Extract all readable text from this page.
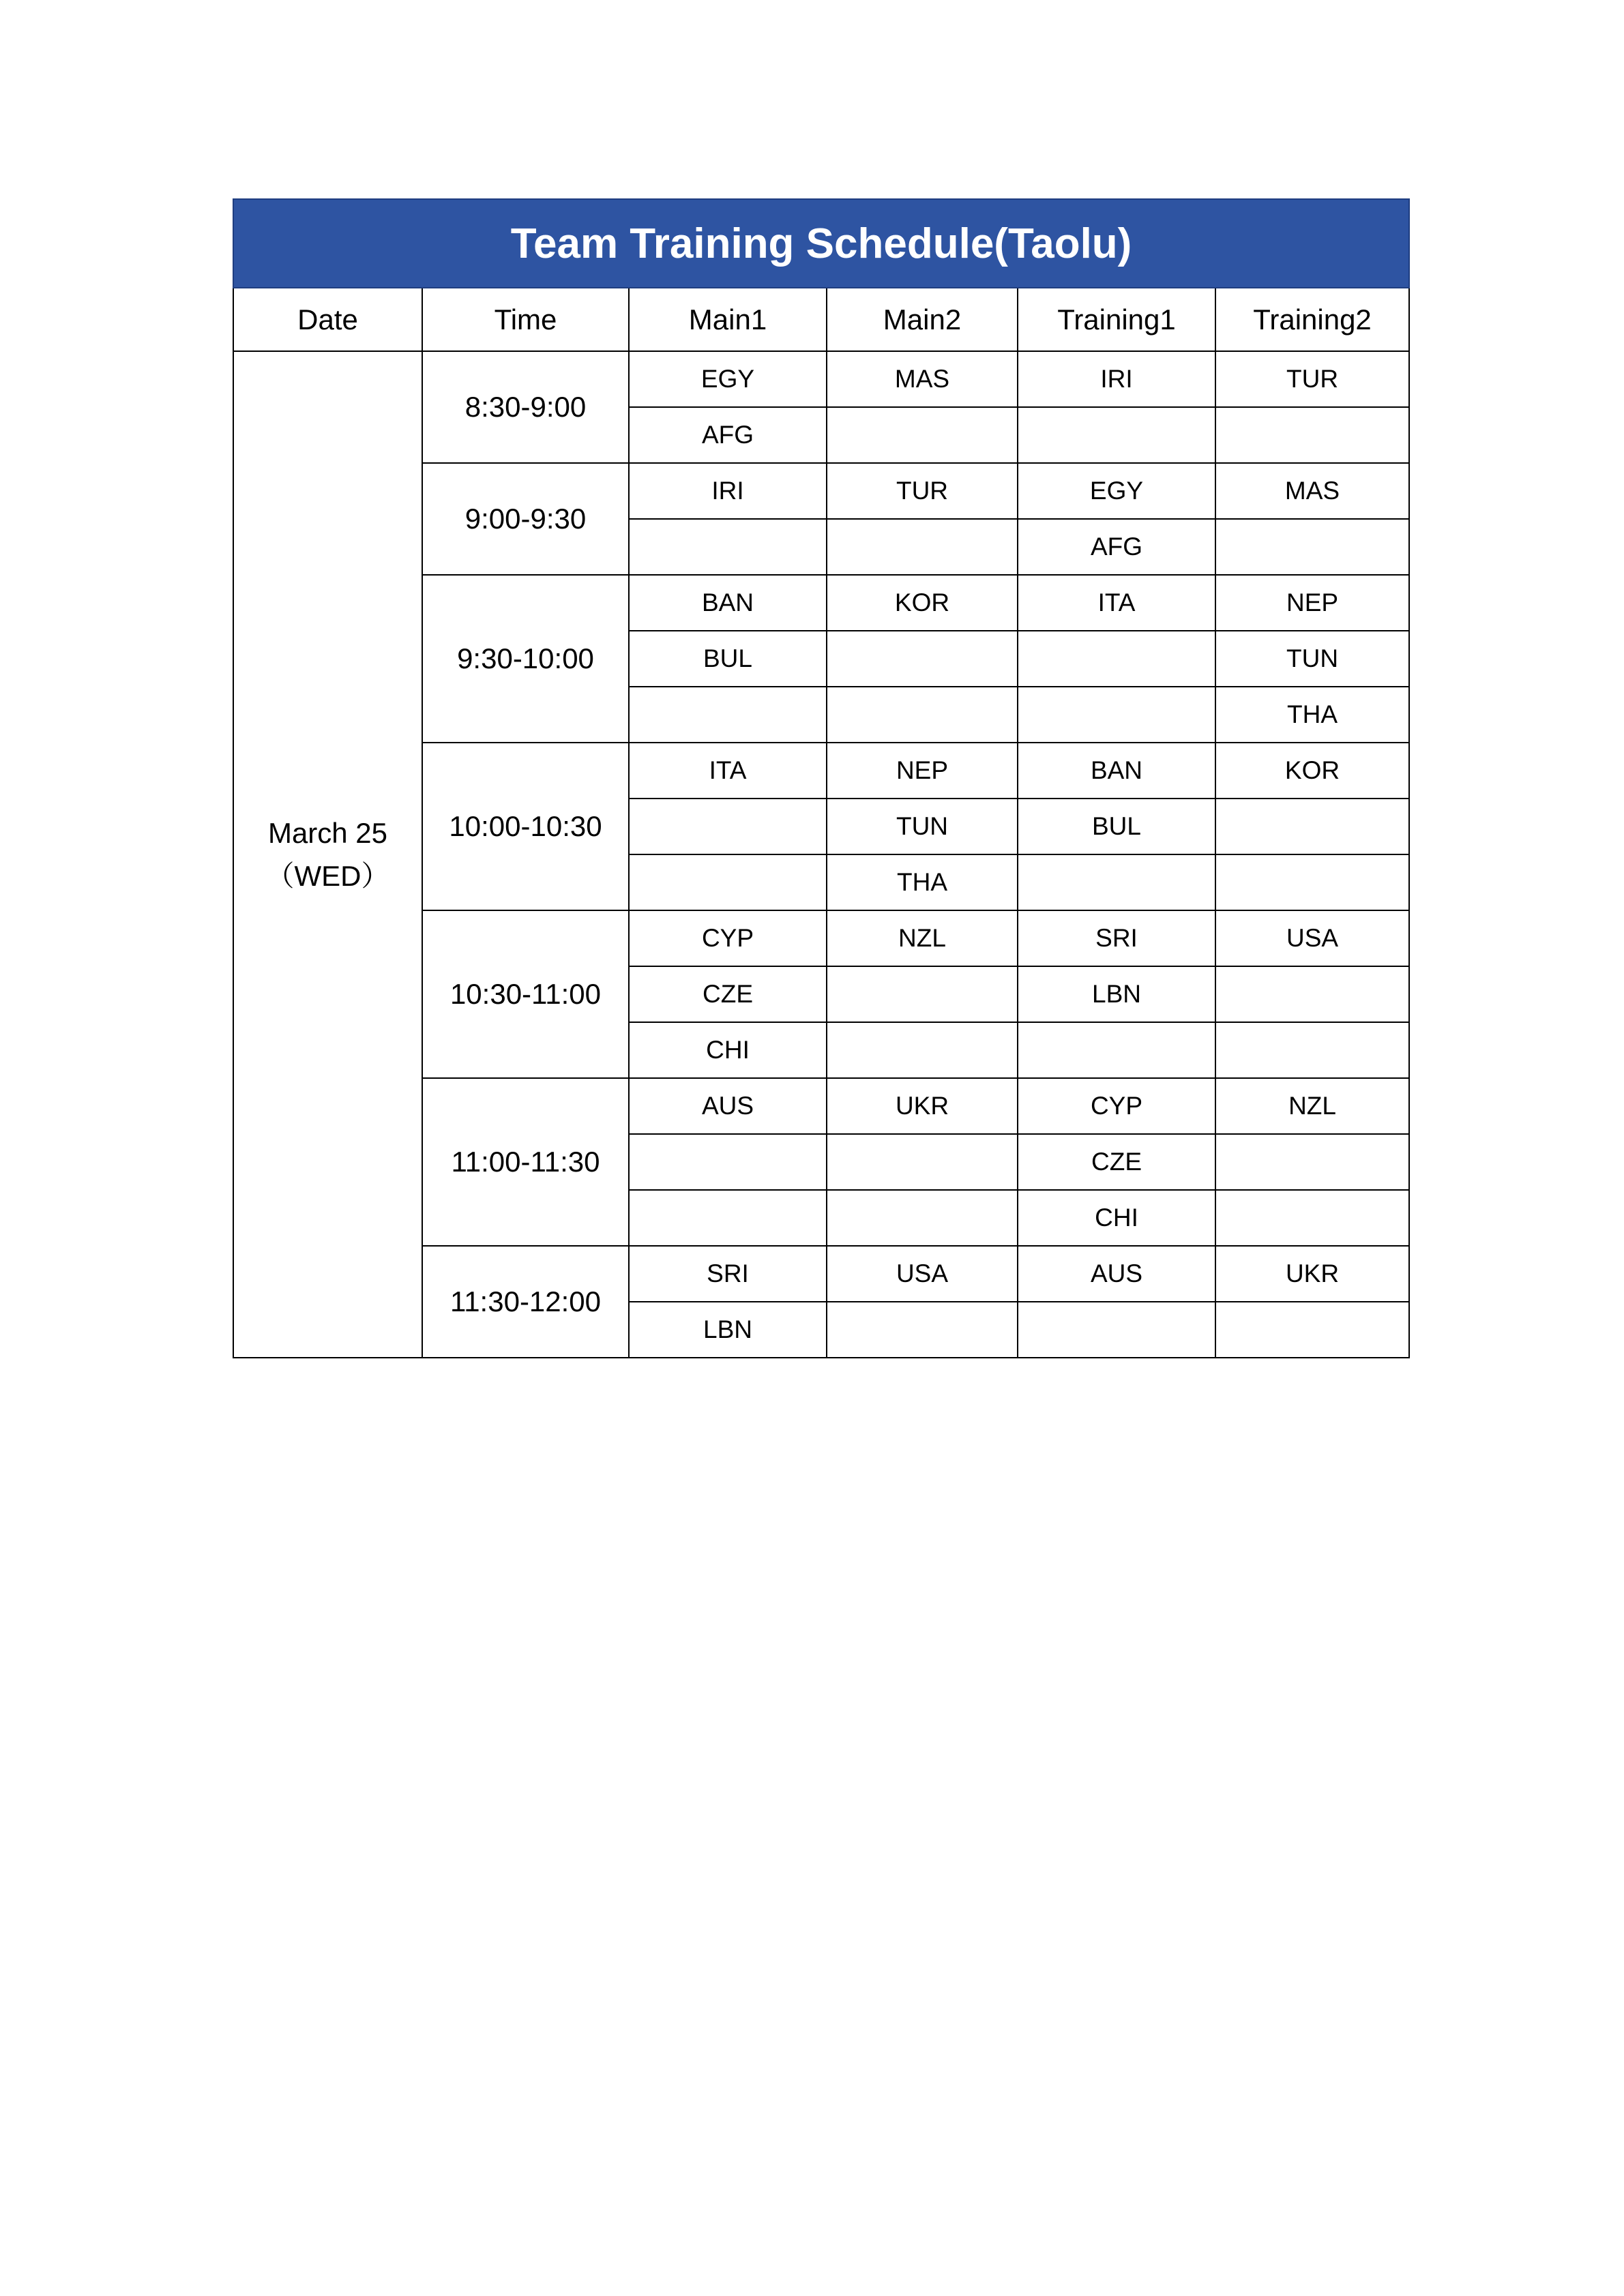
Team Training Schedule(Taolu)					
Date	Time	Main1	Main2	Training1	Training2

March 25
（WED）	8:30-9:00	EGY	MAS	IRI	TUR
		AFG			
	9:00-9:30	IRI	TUR	EGY	MAS
				AFG	
	9:30-10:00	BAN	KOR	ITA	NEP
		BUL			TUN
					THA
	10:00-10:30	ITA	NEP	BAN	KOR
			TUN	BUL	
			THA		
	10:30-11:00	CYP	NZL	SRI	USA
		CZE		LBN	
		CHI			
	11:00-11:30	AUS	UKR	CYP	NZL
				CZE	
				CHI	
	11:30-12:00	SRI	USA	AUS	UKR
		LBN			
